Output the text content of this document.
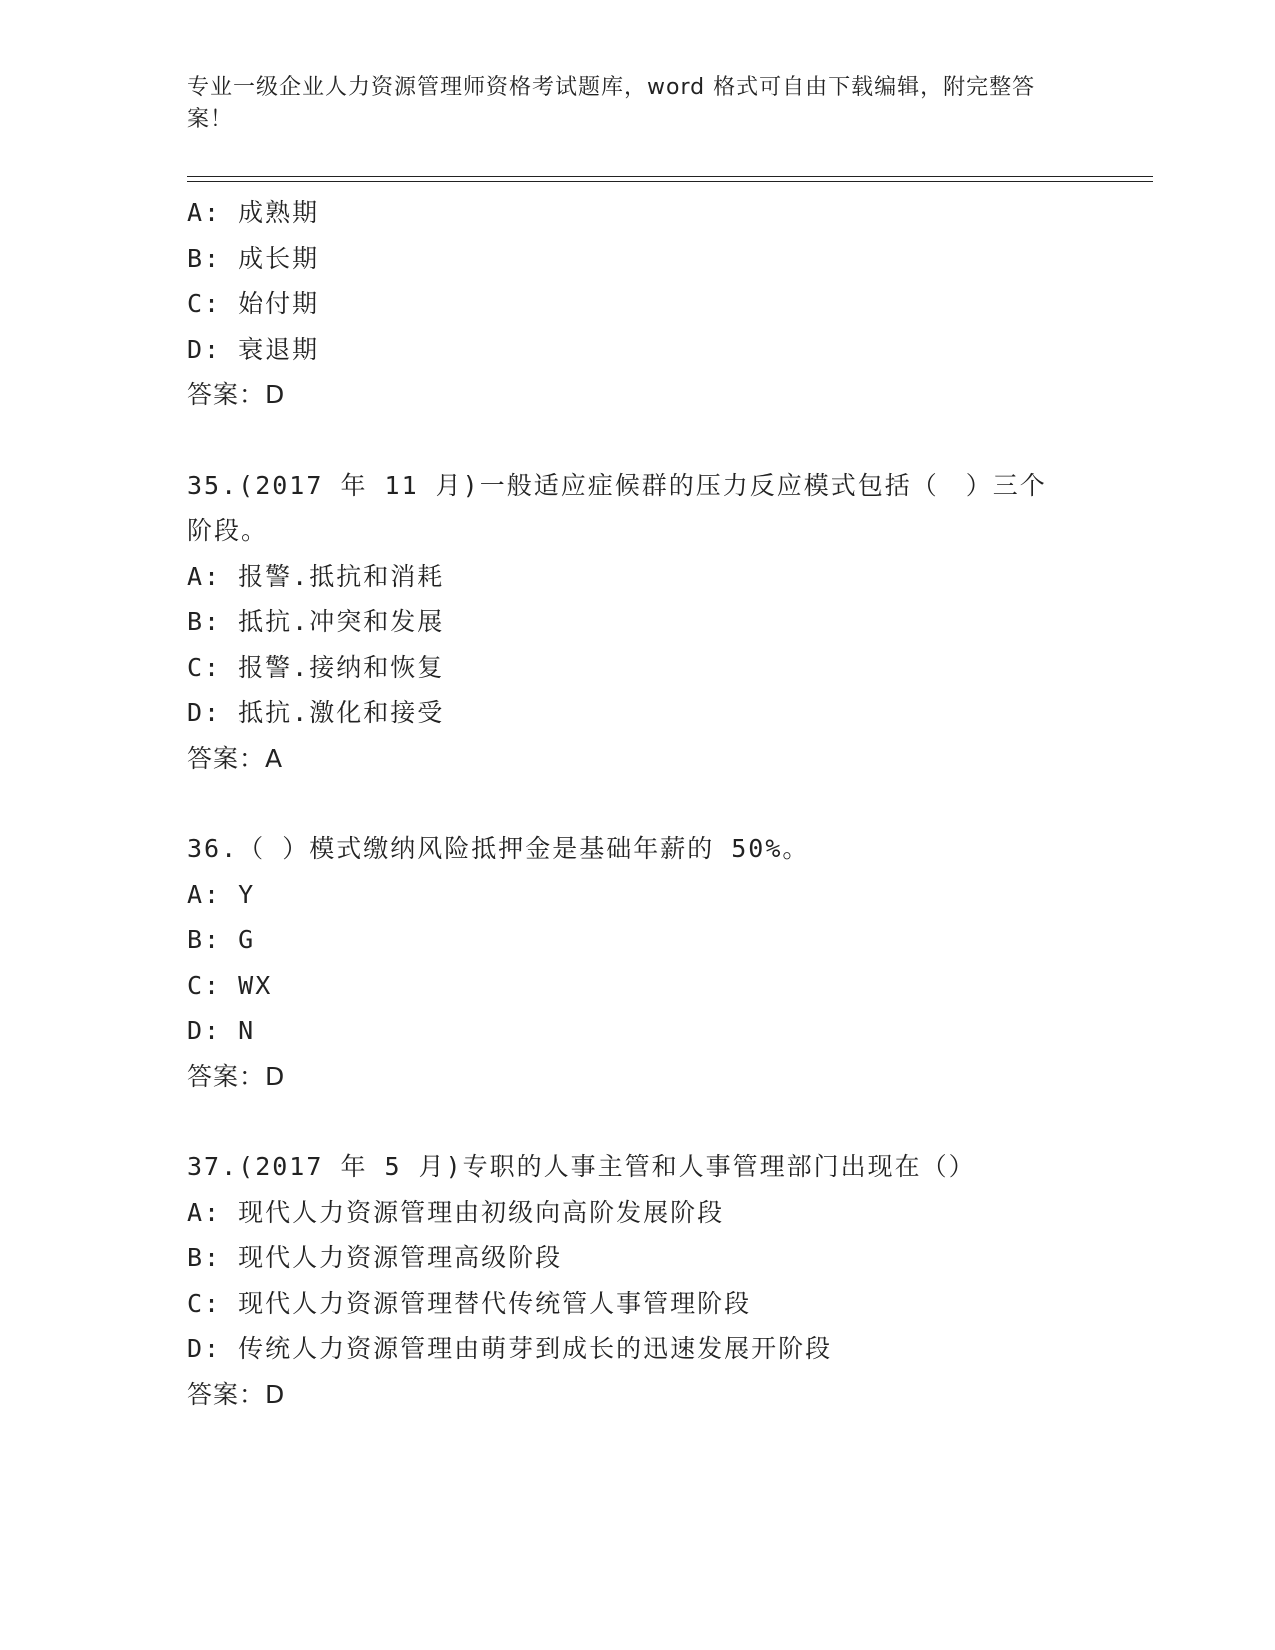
专业一级企业人力资源管理师资格考试题库，word 格式可自由下载编辑，附完整答案！
A: 成熟期
B: 成长期
C: 始付期
D: 衰退期
答案：D
35.(2017 年 11 月)一般适应症候群的压力反应模式包括（　）三个阶段。
A: 报警.抵抗和消耗
B: 抵抗.冲突和发展
C: 报警.接纳和恢复
D: 抵抗.激化和接受
答案：A
36.（ ）模式缴纳风险抵押金是基础年薪的 50%。
A: Y
B: G
C: WX
D: N
答案：D
37.(2017 年 5 月)专职的人事主管和人事管理部门出现在（）
A: 现代人力资源管理由初级向高阶发展阶段
B: 现代人力资源管理高级阶段
C: 现代人力资源管理替代传统管人事管理阶段
D: 传统人力资源管理由萌芽到成长的迅速发展开阶段
答案：D
